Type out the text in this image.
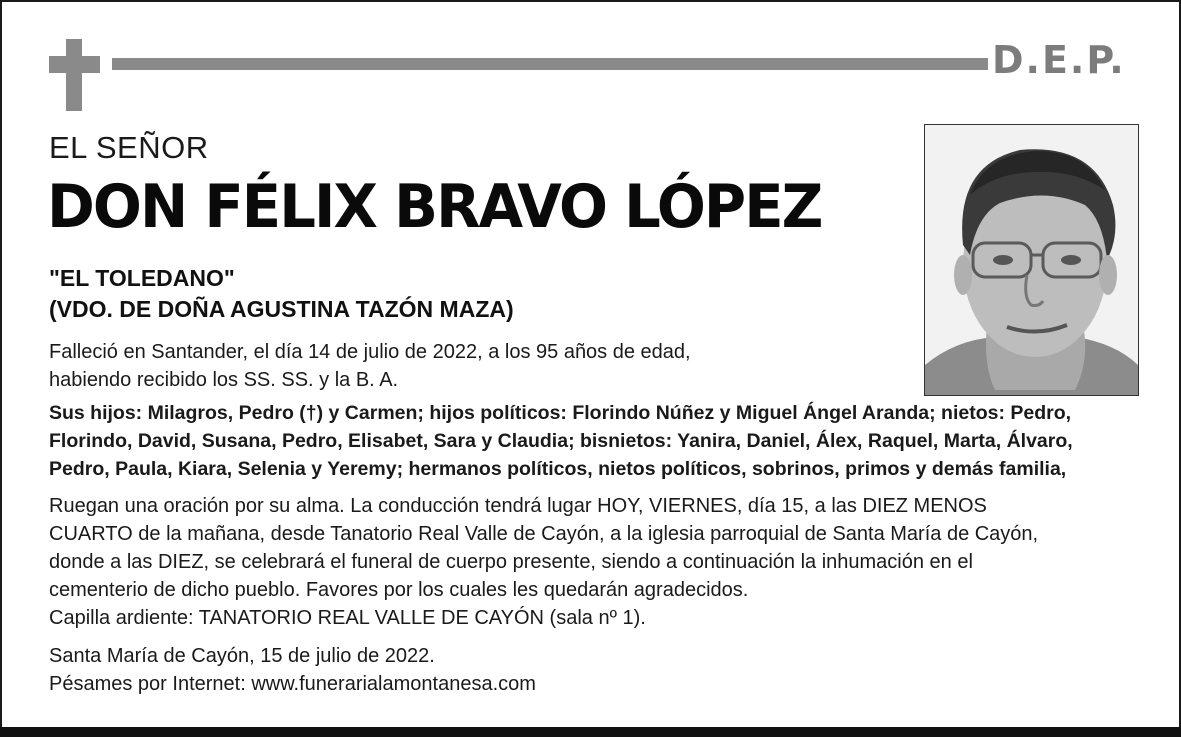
D.E.P.
EL SEÑOR
DON FÉLIX BRAVO LÓPEZ
"EL TOLEDANO"
(VDO. DE DOÑA AGUSTINA TAZÓN MAZA)
Falleció en Santander, el día 14 de julio de 2022, a los 95 años de edad,
habiendo recibido los SS. SS. y la B. A.
Sus hijos: Milagros, Pedro (†) y Carmen; hijos políticos: Florindo Núñez y Miguel Ángel Aranda; nietos: Pedro,
Florindo, David, Susana, Pedro, Elisabet, Sara y Claudia; bisnietos: Yanira, Daniel, Álex, Raquel, Marta, Álvaro,
Pedro, Paula, Kiara, Selenia y Yeremy; hermanos políticos, nietos políticos, sobrinos, primos y demás familia,
Ruegan una oración por su alma. La conducción tendrá lugar HOY, VIERNES, día 15, a las DIEZ MENOS
CUARTO de la mañana, desde Tanatorio Real Valle de Cayón, a la iglesia parroquial de Santa María de Cayón,
donde a las DIEZ, se celebrará el funeral de cuerpo presente, siendo a continuación la inhumación en el
cementerio de dicho pueblo. Favores por los cuales les quedarán agradecidos.
Capilla ardiente: TANATORIO REAL VALLE DE CAYÓN (sala nº 1).
Santa María de Cayón, 15 de julio de 2022.
Pésames por Internet: www.funerarialamontanesa.com
